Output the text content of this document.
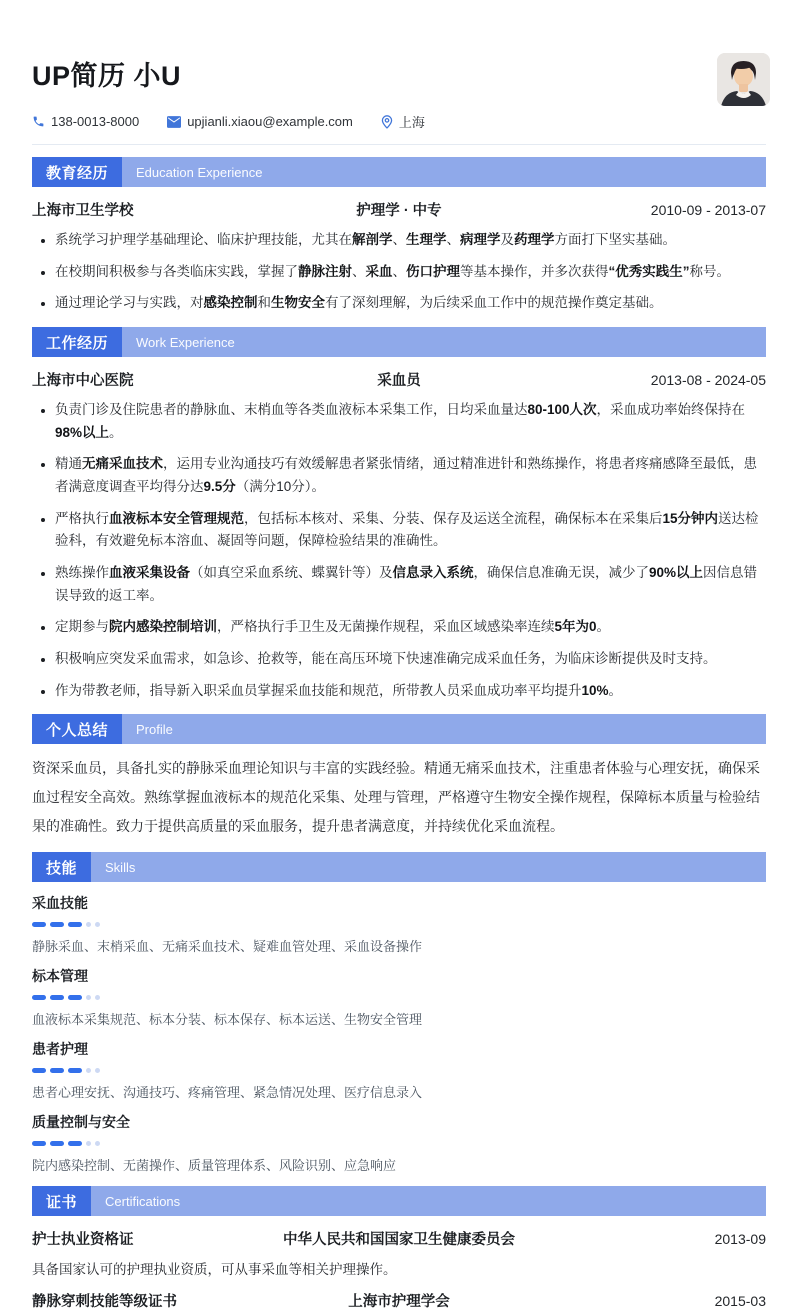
UP简历 小U
138-0013-8000	upjianli.xiaou@example.com	上海
教育经历	Education Experience
上海市卫生学校	护理学 · 中专	2010-09 - 2013-07
• 系统学习护理学基础理论、临床护理技能，尤其在解剖学、生理学、病理学及药理学方面打下坚实基础。
• 在校期间积极参与各类临床实践，掌握了静脉注射、采血、伤口护理等基本操作，并多次获得“优秀实践生”称号。
• 通过理论学习与实践，对感染控制和生物安全有了深刻理解，为后续采血工作中的规范操作奠定基础。
工作经历	Work Experience
上海市中心医院	采血员	2013-08 - 2024-05
• 负责门诊及住院患者的静脉血、末梢血等各类血液标本采集工作，日均采血量达80-100人次，采血成功率始终保持在98%以上。
• 精通无痛采血技术，运用专业沟通技巧有效缓解患者紧张情绪，通过精准进针和熟练操作，将患者疼痛感降至最低，患者满意度调查平均得分达9.5分（满分10分）。
• 严格执行血液标本安全管理规范，包括标本核对、采集、分装、保存及运送全流程，确保标本在采集后15分钟内送达检验科，有效避免标本溶血、凝固等问题，保障检验结果的准确性。
• 熟练操作血液采集设备（如真空采血系统、蝶翼针等）及信息录入系统，确保信息准确无误，减少了90%以上因信息错误导致的返工率。
• 定期参与院内感染控制培训，严格执行手卫生及无菌操作规程，采血区域感染率连续5年为0。
• 积极响应突发采血需求，如急诊、抢救等，能在高压环境下快速准确完成采血任务，为临床诊断提供及时支持。
• 作为带教老师，指导新入职采血员掌握采血技能和规范，所带教人员采血成功率平均提升10%。
个人总结	Profile

资深采血员，具备扎实的静脉采血理论知识与丰富的实践经验。精通无痛采血技术，注重患者体验与心理安抚，确保采血过程安全高效。熟练掌握血液标本的规范化采集、处理与管理，严格遵守生物安全操作规程，保障标本质量与检验结果的准确性。致力于提供高质量的采血服务，提升患者满意度，并持续优化采血流程。

技能	Skills
采血技能
静脉采血、末梢采血、无痛采血技术、疑难血管处理、采血设备操作
标本管理
血液标本采集规范、标本分装、标本保存、标本运送、生物安全管理
患者护理
患者心理安抚、沟通技巧、疼痛管理、紧急情况处理、医疗信息录入
质量控制与安全
院内感染控制、无菌操作、质量管理体系、风险识别、应急响应
证书	Certifications
护士执业资格证	中华人民共和国国家卫生健康委员会	2013-09
具备国家认可的护理执业资质，可从事采血等相关护理操作。
静脉穿刺技能等级证书	上海市护理学会	2015-03
